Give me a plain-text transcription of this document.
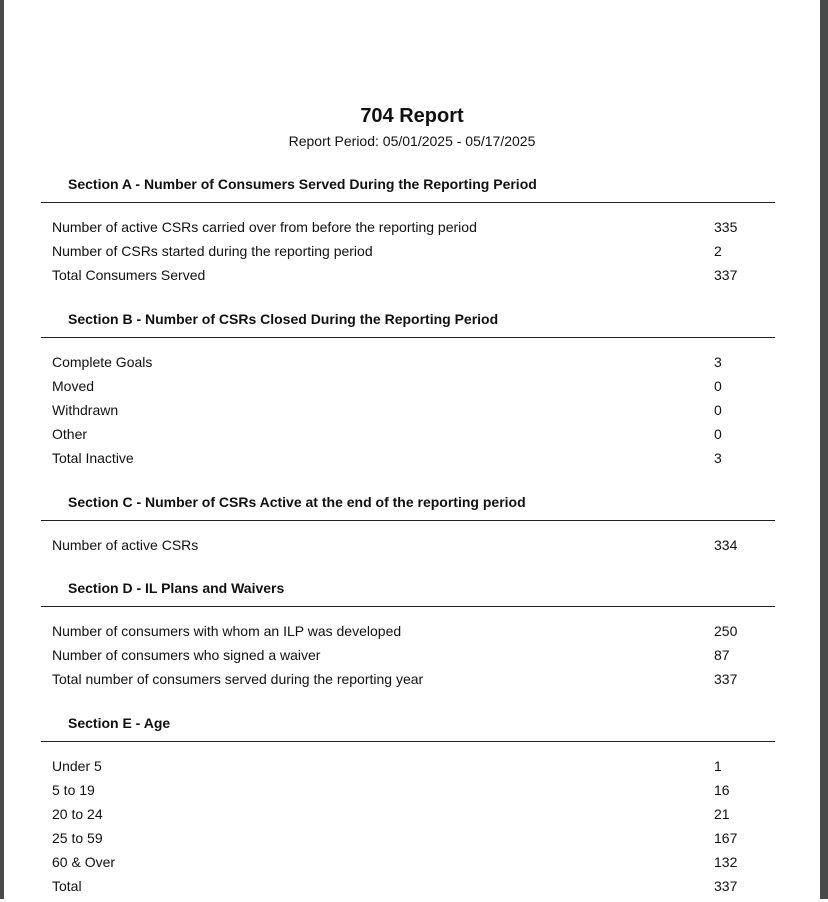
704 Report
Report Period: 05/01/2025 - 05/17/2025
Section A - Number of Consumers Served During the Reporting Period
Number of active CSRs carried over from before the reporting period	335
Number of CSRs started during the reporting period	2
Total Consumers Served	337
Section B - Number of CSRs Closed During the Reporting Period
Complete Goals	3
Moved	0
Withdrawn	0
Other	0
Total Inactive	3
Section C - Number of CSRs Active at the end of the reporting period
Number of active CSRs	334
Section D - IL Plans and Waivers
Number of consumers with whom an ILP was developed	250
Number of consumers who signed a waiver	87
Total number of consumers served during the reporting year	337
Section E - Age
Under 5	1
5 to 19	16
20 to 24	21
25 to 59	167
60 & Over	132
Total	337
